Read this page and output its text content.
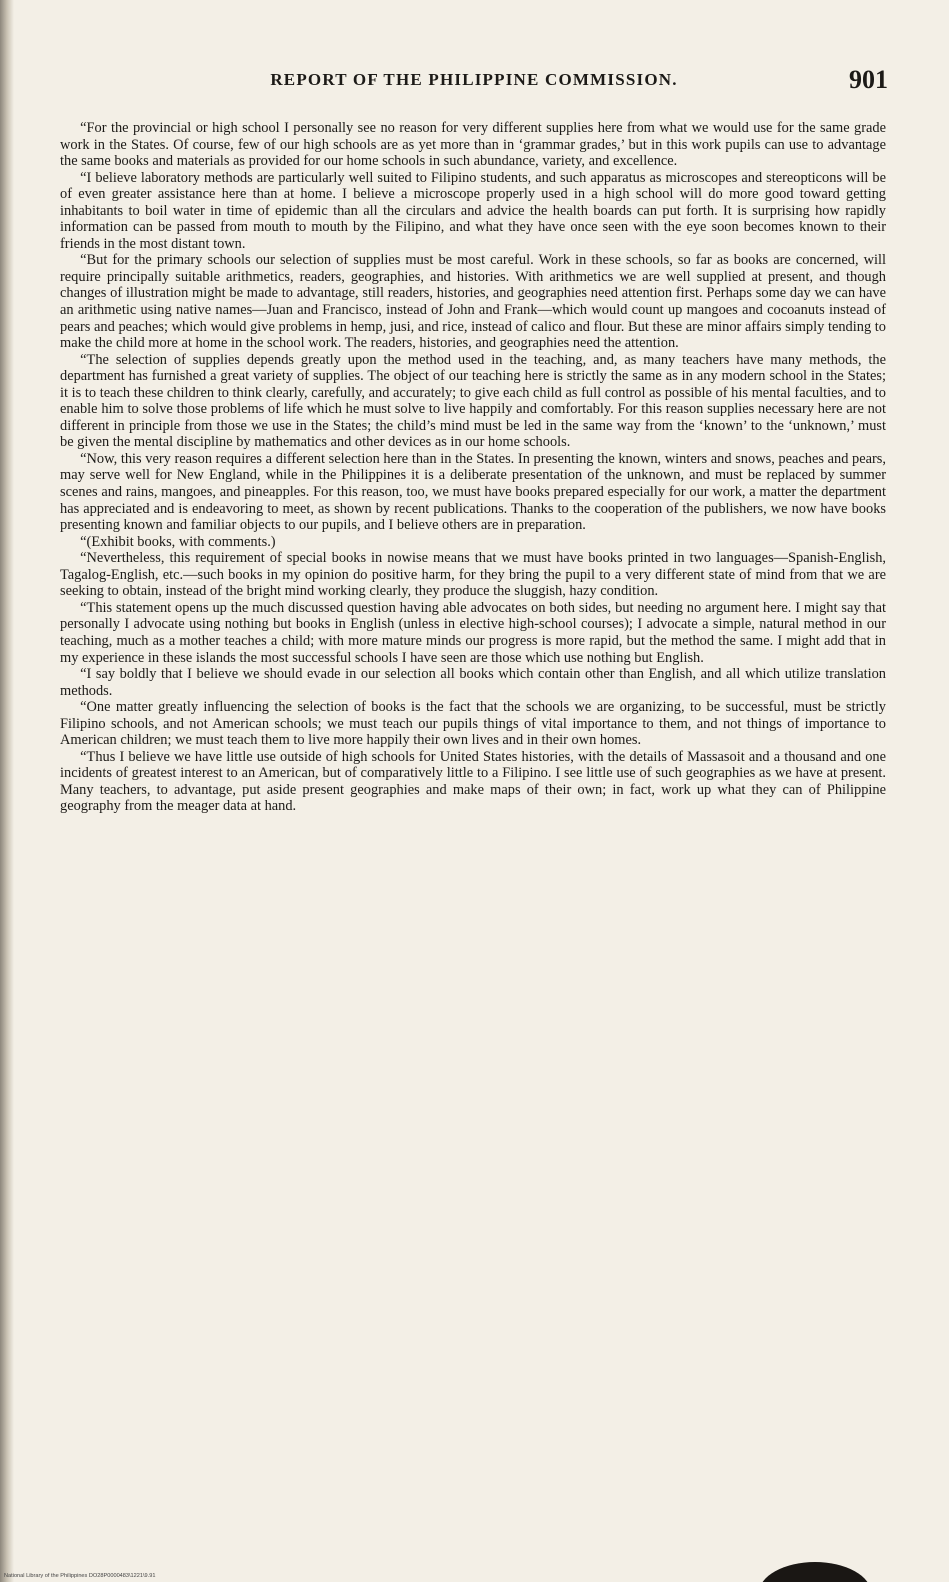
REPORT OF THE PHILIPPINE COMMISSION.	901

“For the provincial or high school I personally see no reason for very different supplies here from what we would use for the same grade work in the States. Of course, few of our high schools are as yet more than in ‘grammar grades,’ but in this work pupils can use to advantage the same books and materials as provided for our home schools in such abundance, variety, and excellence.

“I believe laboratory methods are particularly well suited to Filipino students, and such apparatus as microscopes and stereopticons will be of even greater assistance here than at home. I believe a microscope properly used in a high school will do more good toward getting inhabitants to boil water in time of epidemic than all the circulars and advice the health boards can put forth. It is surprising how rapidly information can be passed from mouth to mouth by the Filipino, and what they have once seen with the eye soon becomes known to their friends in the most distant town.

“But for the primary schools our selection of supplies must be most careful. Work in these schools, so far as books are concerned, will require principally suitable arithmetics, readers, geographies, and histories. With arithmetics we are well supplied at present, and though changes of illustration might be made to advantage, still readers, histories, and geographies need attention first. Perhaps some day we can have an arithmetic using native names—Juan and Francisco, instead of John and Frank—which would count up mangoes and cocoanuts instead of pears and peaches; which would give problems in hemp, jusi, and rice, instead of calico and flour. But these are minor affairs simply tending to make the child more at home in the school work. The readers, histories, and geographies need the attention.

“The selection of supplies depends greatly upon the method used in the teaching, and, as many teachers have many methods, the department has furnished a great variety of supplies. The object of our teaching here is strictly the same as in any modern school in the States; it is to teach these children to think clearly, carefully, and accurately; to give each child as full control as possible of his mental faculties, and to enable him to solve those problems of life which he must solve to live happily and comfortably. For this reason supplies necessary here are not different in principle from those we use in the States; the child’s mind must be led in the same way from the ‘known’ to the ‘unknown,’ must be given the mental discipline by mathematics and other devices as in our home schools.

“Now, this very reason requires a different selection here than in the States. In presenting the known, winters and snows, peaches and pears, may serve well for New England, while in the Philippines it is a deliberate presentation of the unknown, and must be replaced by summer scenes and rains, mangoes, and pineapples. For this reason, too, we must have books prepared especially for our work, a matter the department has appreciated and is endeavoring to meet, as shown by recent publications. Thanks to the cooperation of the publishers, we now have books presenting known and familiar objects to our pupils, and I believe others are in preparation.

“(Exhibit books, with comments.)

“Nevertheless, this requirement of special books in nowise means that we must have books printed in two languages—Spanish-English, Tagalog-English, etc.—such books in my opinion do positive harm, for they bring the pupil to a very different state of mind from that we are seeking to obtain, instead of the bright mind working clearly, they produce the sluggish, hazy condition.

“This statement opens up the much discussed question having able advocates on both sides, but needing no argument here. I might say that personally I advocate using nothing but books in English (unless in elective high-school courses); I advocate a simple, natural method in our teaching, much as a mother teaches a child; with more mature minds our progress is more rapid, but the method the same. I might add that in my experience in these islands the most successful schools I have seen are those which use nothing but English.

“I say boldly that I believe we should evade in our selection all books which contain other than English, and all which utilize translation methods.

“One matter greatly influencing the selection of books is the fact that the schools we are organizing, to be successful, must be strictly Filipino schools, and not American schools; we must teach our pupils things of vital importance to them, and not things of importance to American children; we must teach them to live more happily their own lives and in their own homes.

“Thus I believe we have little use outside of high schools for United States histories, with the details of Massasoit and a thousand and one incidents of greatest interest to an American, but of comparatively little to a Filipino. I see little use of such geographies as we have at present. Many teachers, to advantage, put aside present geographies and make maps of their own; in fact, work up what they can of Philippine geography from the meager data at hand.

National Library of the Philippines DO28P0000483\1221\9.91
